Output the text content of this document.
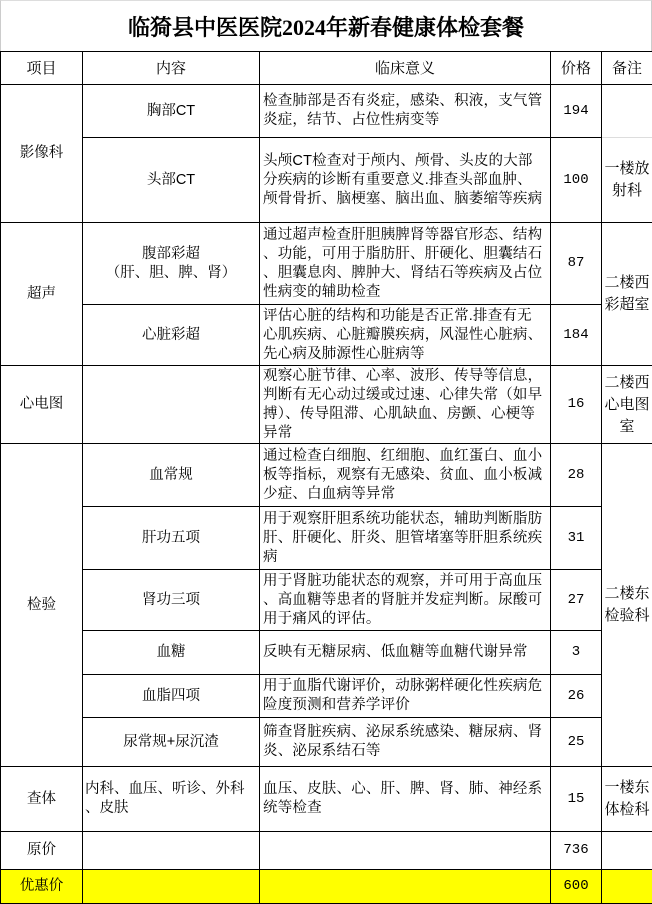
临猗县中医医院2024年新春健康体检套餐
项目	内容	临床意义	价格	备注
影像科	胸部CT	检查肺部是否有炎症，感染、积液，支气管
炎症，结节、占位性病变等	194	
	头部CT	头颅CT检查对于颅内、颅骨、头皮的大部
分疾病的诊断有重要意义.排查头部血肿、
颅骨骨折、脑梗塞、脑出血、脑萎缩等疾病	100	一楼放
射科
超声	腹部彩超
（肝、胆、脾、肾）	通过超声检查肝胆胰脾肾等器官形态、结构
、功能，可用于脂肪肝、肝硬化、胆囊结石
、胆囊息肉、脾肿大、肾结石等疾病及占位
性病变的辅助检查	87	二楼西
彩超室
	心脏彩超	评估心脏的结构和功能是否正常.排查有无
心肌疾病、心脏瓣膜疾病，风湿性心脏病、
先心病及肺源性心脏病等	184	
心电图		观察心脏节律、心率、波形、传导等信息，
判断有无心动过缓或过速、心律失常（如早
搏）、传导阻滞、心肌缺血、房颤、心梗等
异常	16	二楼西
心电图
室
检验	血常规	通过检查白细胞、红细胞、血红蛋白、血小
板等指标，观察有无感染、贫血、血小板减
少症、白血病等异常	28	二楼东
检验科
	肝功五项	用于观察肝胆系统功能状态，辅助判断脂肪
肝、肝硬化、肝炎、胆管堵塞等肝胆系统疾
病	31	
	肾功三项	用于肾脏功能状态的观察，并可用于高血压
、高血糖等患者的肾脏并发症判断。尿酸可
用于痛风的评估。	27	
	血糖	反映有无糖尿病、低血糖等血糖代谢异常	3	
	血脂四项	用于血脂代谢评价，动脉粥样硬化性疾病危
险度预测和营养学评价	26	
	尿常规+尿沉渣	筛查肾脏疾病、泌尿系统感染、糖尿病、肾
炎、泌尿系结石等	25	
查体	内科、血压、听诊、外科
、皮肤	血压、皮肤、心、肝、脾、肾、肺、神经系
统等检查	15	一楼东
体检科
原价			736	
优惠价			600	
